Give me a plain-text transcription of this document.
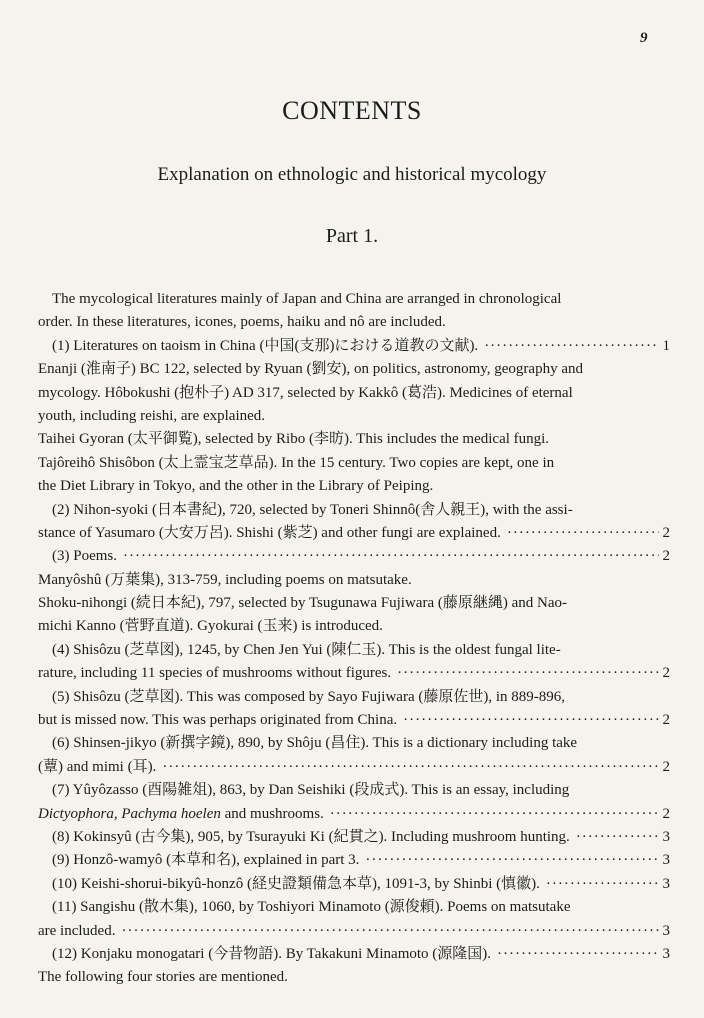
9
CONTENTS
Explanation on ethnologic and historical mycology
Part 1.
The mycological literatures mainly of Japan and China are arranged in chronological
order. In these literatures, icones, poems, haiku and nô are included.
(1) Literatures on taoism in China (中国(支那)における道教の文献). ·····	1
Enanji (淮南子) BC 122, selected by Ryuan (劉安), on politics, astronomy, geography and
mycology. Hôbokushi (抱朴子) AD 317, selected by Kakkô (葛浩). Medicines of eternal
youth, including reishi, are explained.
Taihei Gyoran (太平御覧), selected by Ribo (李昉). This includes the medical fungi.
Tajôreihô Shisôbon (太上霊宝芝草品). In the 15 century. Two copies are kept, one in
the Diet Library in Tokyo, and the other in the Library of Peiping.
(2) Nihon-syoki (日本書紀), 720, selected by Toneri Shinnô(舎人親王), with the assi-
stance of Yasumaro (大安万呂). Shishi (紫芝) and other fungi are explained. ·····	2
(3) Poems. ·····	2
Manyôshû (万葉集), 313-759, including poems on matsutake.
Shoku-nihongi (続日本紀), 797, selected by Tsugunawa Fujiwara (藤原継縄) and Nao-
michi Kanno (菅野直道). Gyokurai (玉来) is introduced.
(4) Shisôzu (芝草図), 1245, by Chen Jen Yui (陳仁玉). This is the oldest fungal lite-
rature, including 11 species of mushrooms without figures. ·····	2
(5) Shisôzu (芝草図). This was composed by Sayo Fujiwara (藤原佐世), in 889-896,
but is missed now. This was perhaps originated from China. ·····	2
(6) Shinsen-jikyo (新撰字鏡), 890, by Shôju (昌住). This is a dictionary including take
(蕈) and mimi (耳). ·····	2
(7) Yûyôzasso (酉陽雑俎), 863, by Dan Seishiki (段成式). This is an essay, including
Dictyophora, Pachyma hoelen and mushrooms. ·····	2
(8) Kokinsyû (古今集), 905, by Tsurayuki Ki (紀貫之). Including mushroom hunting. ·····	3
(9) Honzô-wamyô (本草和名), explained in part 3. ·····	3
(10) Keishi-shorui-bikyû-honzô (経史證類備急本草), 1091-3, by Shinbi (慎徽). ·····	3
(11) Sangishu (散木集), 1060, by Toshiyori Minamoto (源俊頼). Poems on matsutake
are included. ·····	3
(12) Konjaku monogatari (今昔物語). By Takakuni Minamoto (源隆国). ·····	3
The following four stories are mentioned.
